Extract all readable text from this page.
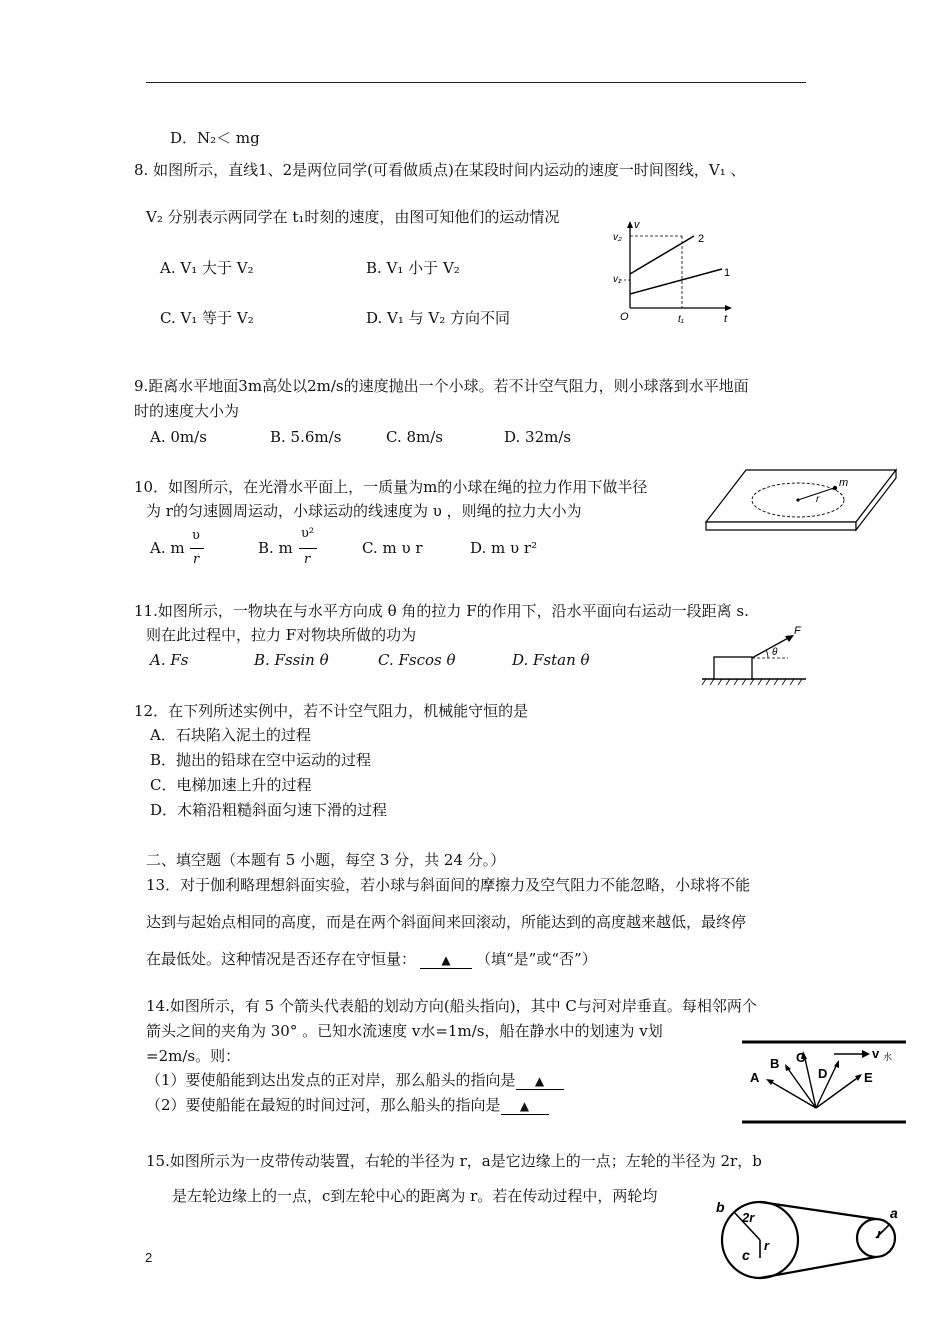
D．N₂＜ mg
8. 如图所示，直线1、2是两位同学(可看做质点)在某段时间内运动的速度一时间图线，V₁ 、
V₂ 分别表示两同学在 t₁时刻的速度，由图可知他们的运动情况
A. V₁ 大于 V₂	B. V₁ 小于 V₂
C. V₁ 等于 V₂	D. V₁ 与 V₂ 方向不同
v
v₂
v₁
O	t₁	t
2
1
9.距离水平地面3m高处以2m/s的速度抛出一个小球。若不计空气阻力，则小球落到水平地面
时的速度大小为
A. 0m/s	B. 5.6m/s	C. 8m/s	D. 32m/s
10．如图所示，在光滑水平面上，一质量为m的小球在绳的拉力作用下做半径
为 r的匀速圆周运动，小球运动的线速度为 υ ，则绳的拉力大小为
A. m
υ
r
B. m
υ²
r
C. m υ r	D. m υ r²
m
r
11.如图所示，一物块在与水平方向成 θ 角的拉力 F的作用下，沿水平面向右运动一段距离 s.
则在此过程中，拉力 F对物块所做的功为
A. Fs	B. Fssin θ	C. Fscos θ	D. Fstan θ
F
θ
12．在下列所述实例中，若不计空气阻力，机械能守恒的是
A．石块陷入泥土的过程
B．抛出的铅球在空中运动的过程
C．电梯加速上升的过程
D．木箱沿粗糙斜面匀速下滑的过程
二、填空题（本题有 5 小题，每空 3 分，共 24 分。）
13．对于伽利略理想斜面实验，若小球与斜面间的摩擦力及空气阻力不能忽略，小球将不能
达到与起始点相同的高度，而是在两个斜面间来回滚动，所能达到的高度越来越低，最终停
在最低处。这种情况是否还存在守恒量： ▲ （填“是”或“否”）
14.如图所示，有 5 个箭头代表船的划动方向(船头指向)，其中 C与河对岸垂直。每相邻两个
箭头之间的夹角为 30° 。已知水流速度 v水=1m/s，船在静水中的划速为 v划
=2m/s。则：
（1）要使船能到达出发点的正对岸，那么船头的指向是 ▲
（2）要使船能在最短的时间过河，那么船头的指向是 ▲
A
B C
D	E
v 水
15.如图所示为一皮带传动装置，右轮的半径为 r，a是它边缘上的一点；左轮的半径为 2r，b
是左轮边缘上的一点，c到左轮中心的距离为 r。若在传动过程中，两轮均
b
2r
r
c
a
r
2
